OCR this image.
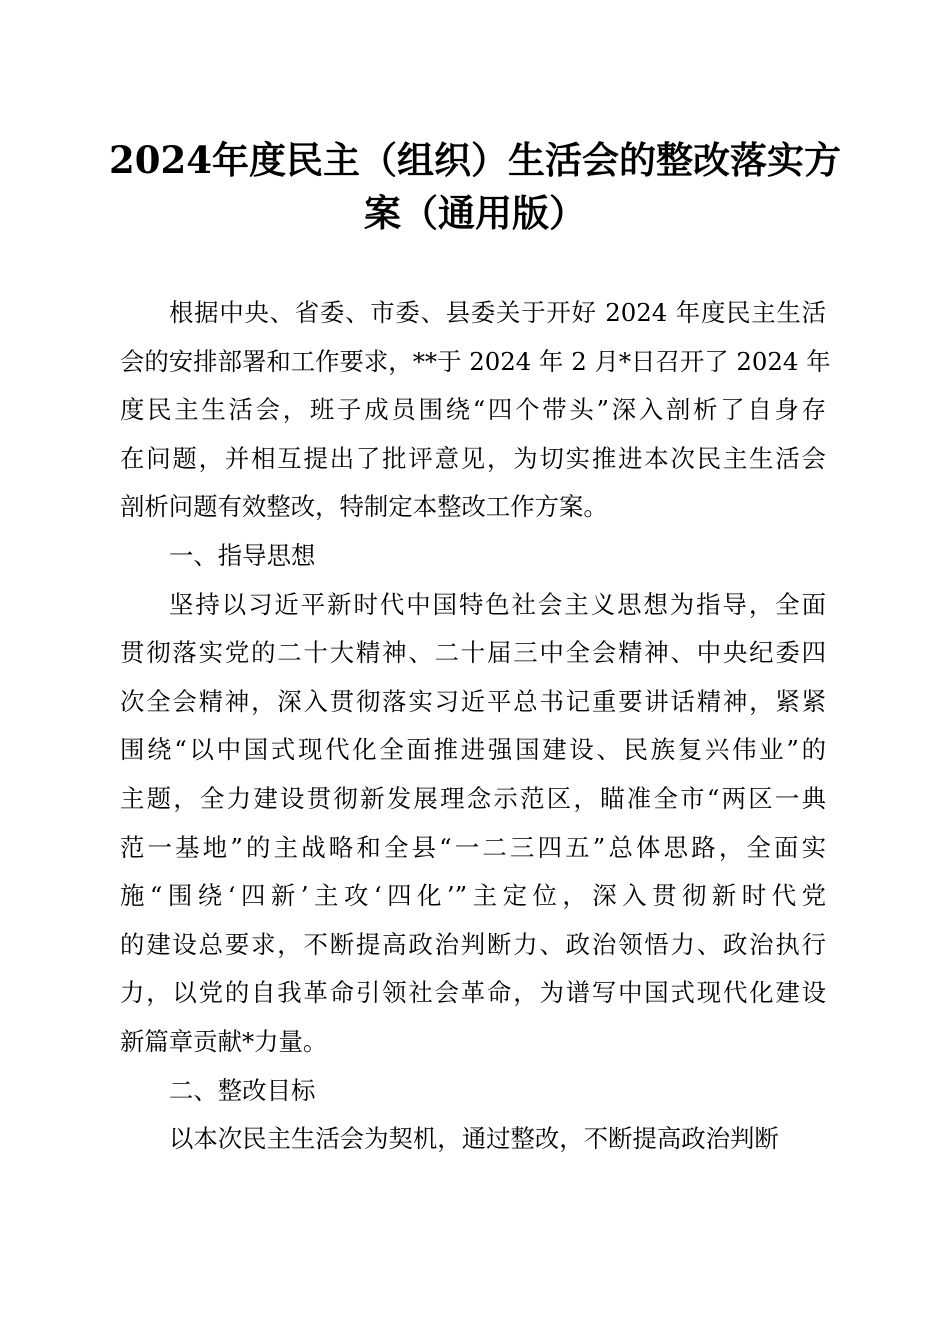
2024年度民主（组织）生活会的整改落实方
案（通用版）
根据中央、省委、市委、县委关于开好 2024 年度民主生活
会的安排部署和工作要求，**于 2024 年 2 月*日召开了 2024 年
度民主生活会，班子成员围绕“四个带头”深入剖析了自身存
在问题，并相互提出了批评意见，为切实推进本次民主生活会
剖析问题有效整改，特制定本整改工作方案。
一、指导思想
坚持以习近平新时代中国特色社会主义思想为指导，全面
贯彻落实党的二十大精神、二十届三中全会精神、中央纪委四
次全会精神，深入贯彻落实习近平总书记重要讲话精神，紧紧
围绕“以中国式现代化全面推进强国建设、民族复兴伟业”的
主题，全力建设贯彻新发展理念示范区，瞄准全市“两区一典
范一基地”的主战略和全县“一二三四五”总体思路，全面实
施“围绕‘四新’主攻‘四化’”主定位，深入贯彻新时代党
的建设总要求，不断提高政治判断力、政治领悟力、政治执行
力，以党的自我革命引领社会革命，为谱写中国式现代化建设
新篇章贡献*力量。
二、整改目标
以本次民主生活会为契机，通过整改，不断提高政治判断
